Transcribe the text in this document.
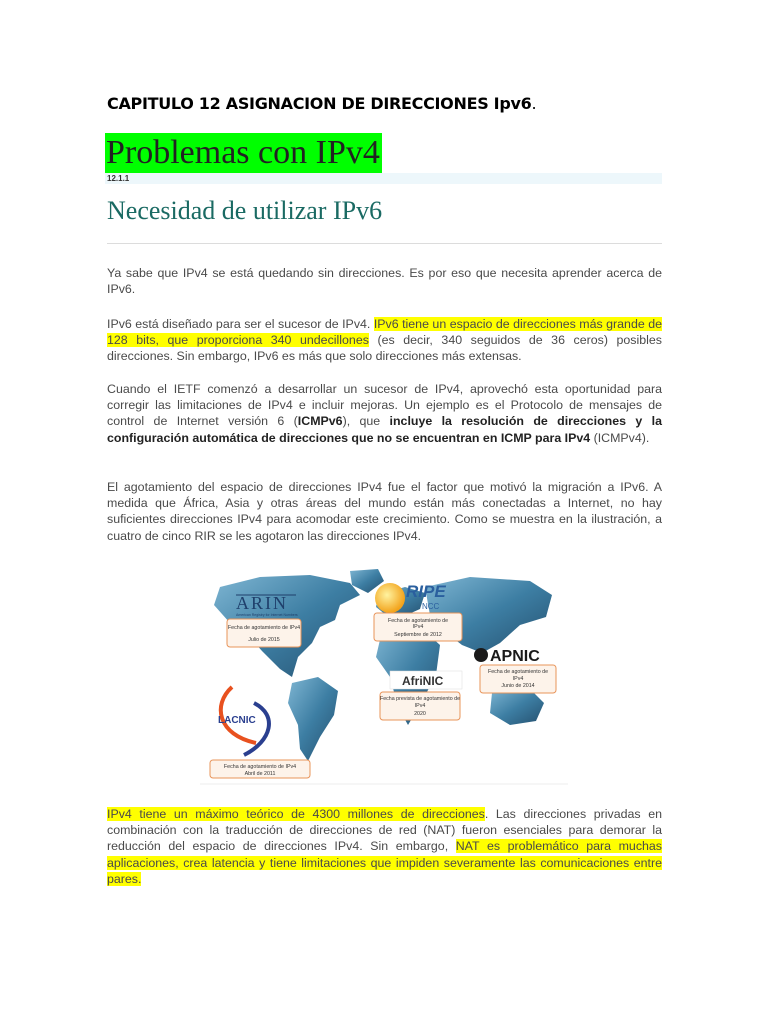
CAPITULO 12 ASIGNACION DE DIRECCIONES Ipv6.
Problemas con IPv4
12.1.1
Necesidad de utilizar IPv6

Ya sabe que IPv4 se está quedando sin direcciones. Es por eso que necesita aprender acerca de IPv6.

IPv6 está diseñado para ser el sucesor de IPv4. IPv6 tiene un espacio de direcciones más grande de 128 bits, que proporciona 340 undecillones (es decir, 340 seguidos de 36 ceros) posibles direcciones. Sin embargo, IPv6 es más que solo direcciones más extensas.

Cuando el IETF comenzó a desarrollar un sucesor de IPv4, aprovechó esta oportunidad para corregir las limitaciones de IPv4 e incluir mejoras. Un ejemplo es el Protocolo de mensajes de control de Internet versión 6 (ICMPv6), que incluye la resolución de direcciones y la configuración automática de direcciones que no se encuentran en ICMP para IPv4 (ICMPv4).

El agotamiento del espacio de direcciones IPv4 fue el factor que motivó la migración a IPv6. A medida que África, Asia y otras áreas del mundo están más conectadas a Internet, no hay suficientes direcciones IPv4 para acomodar este crecimiento. Como se muestra en la ilustración, a cuatro de cinco RIR se les agotaron las direcciones IPv4.

ARIN
American Registry for Internet Numbers
Fecha de agotamiento de IPv4
Julio de 2015
RIPE
NCC
Fecha de agotamiento de
IPv4
Septiembre de 2012
APNIC
Fecha de agotamiento de
IPv4
Junio de 2014
AfriNIC
Fecha prevista de agotamiento de
IPv4
2020
LACNIC
Fecha de agotamiento de IPv4
Abril de 2011

IPv4 tiene un máximo teórico de 4300 millones de direcciones. Las direcciones privadas en combinación con la traducción de direcciones de red (NAT) fueron esenciales para demorar la reducción del espacio de direcciones IPv4. Sin embargo, NAT es problemático para muchas aplicaciones, crea latencia y tiene limitaciones que impiden severamente las comunicaciones entre pares.
